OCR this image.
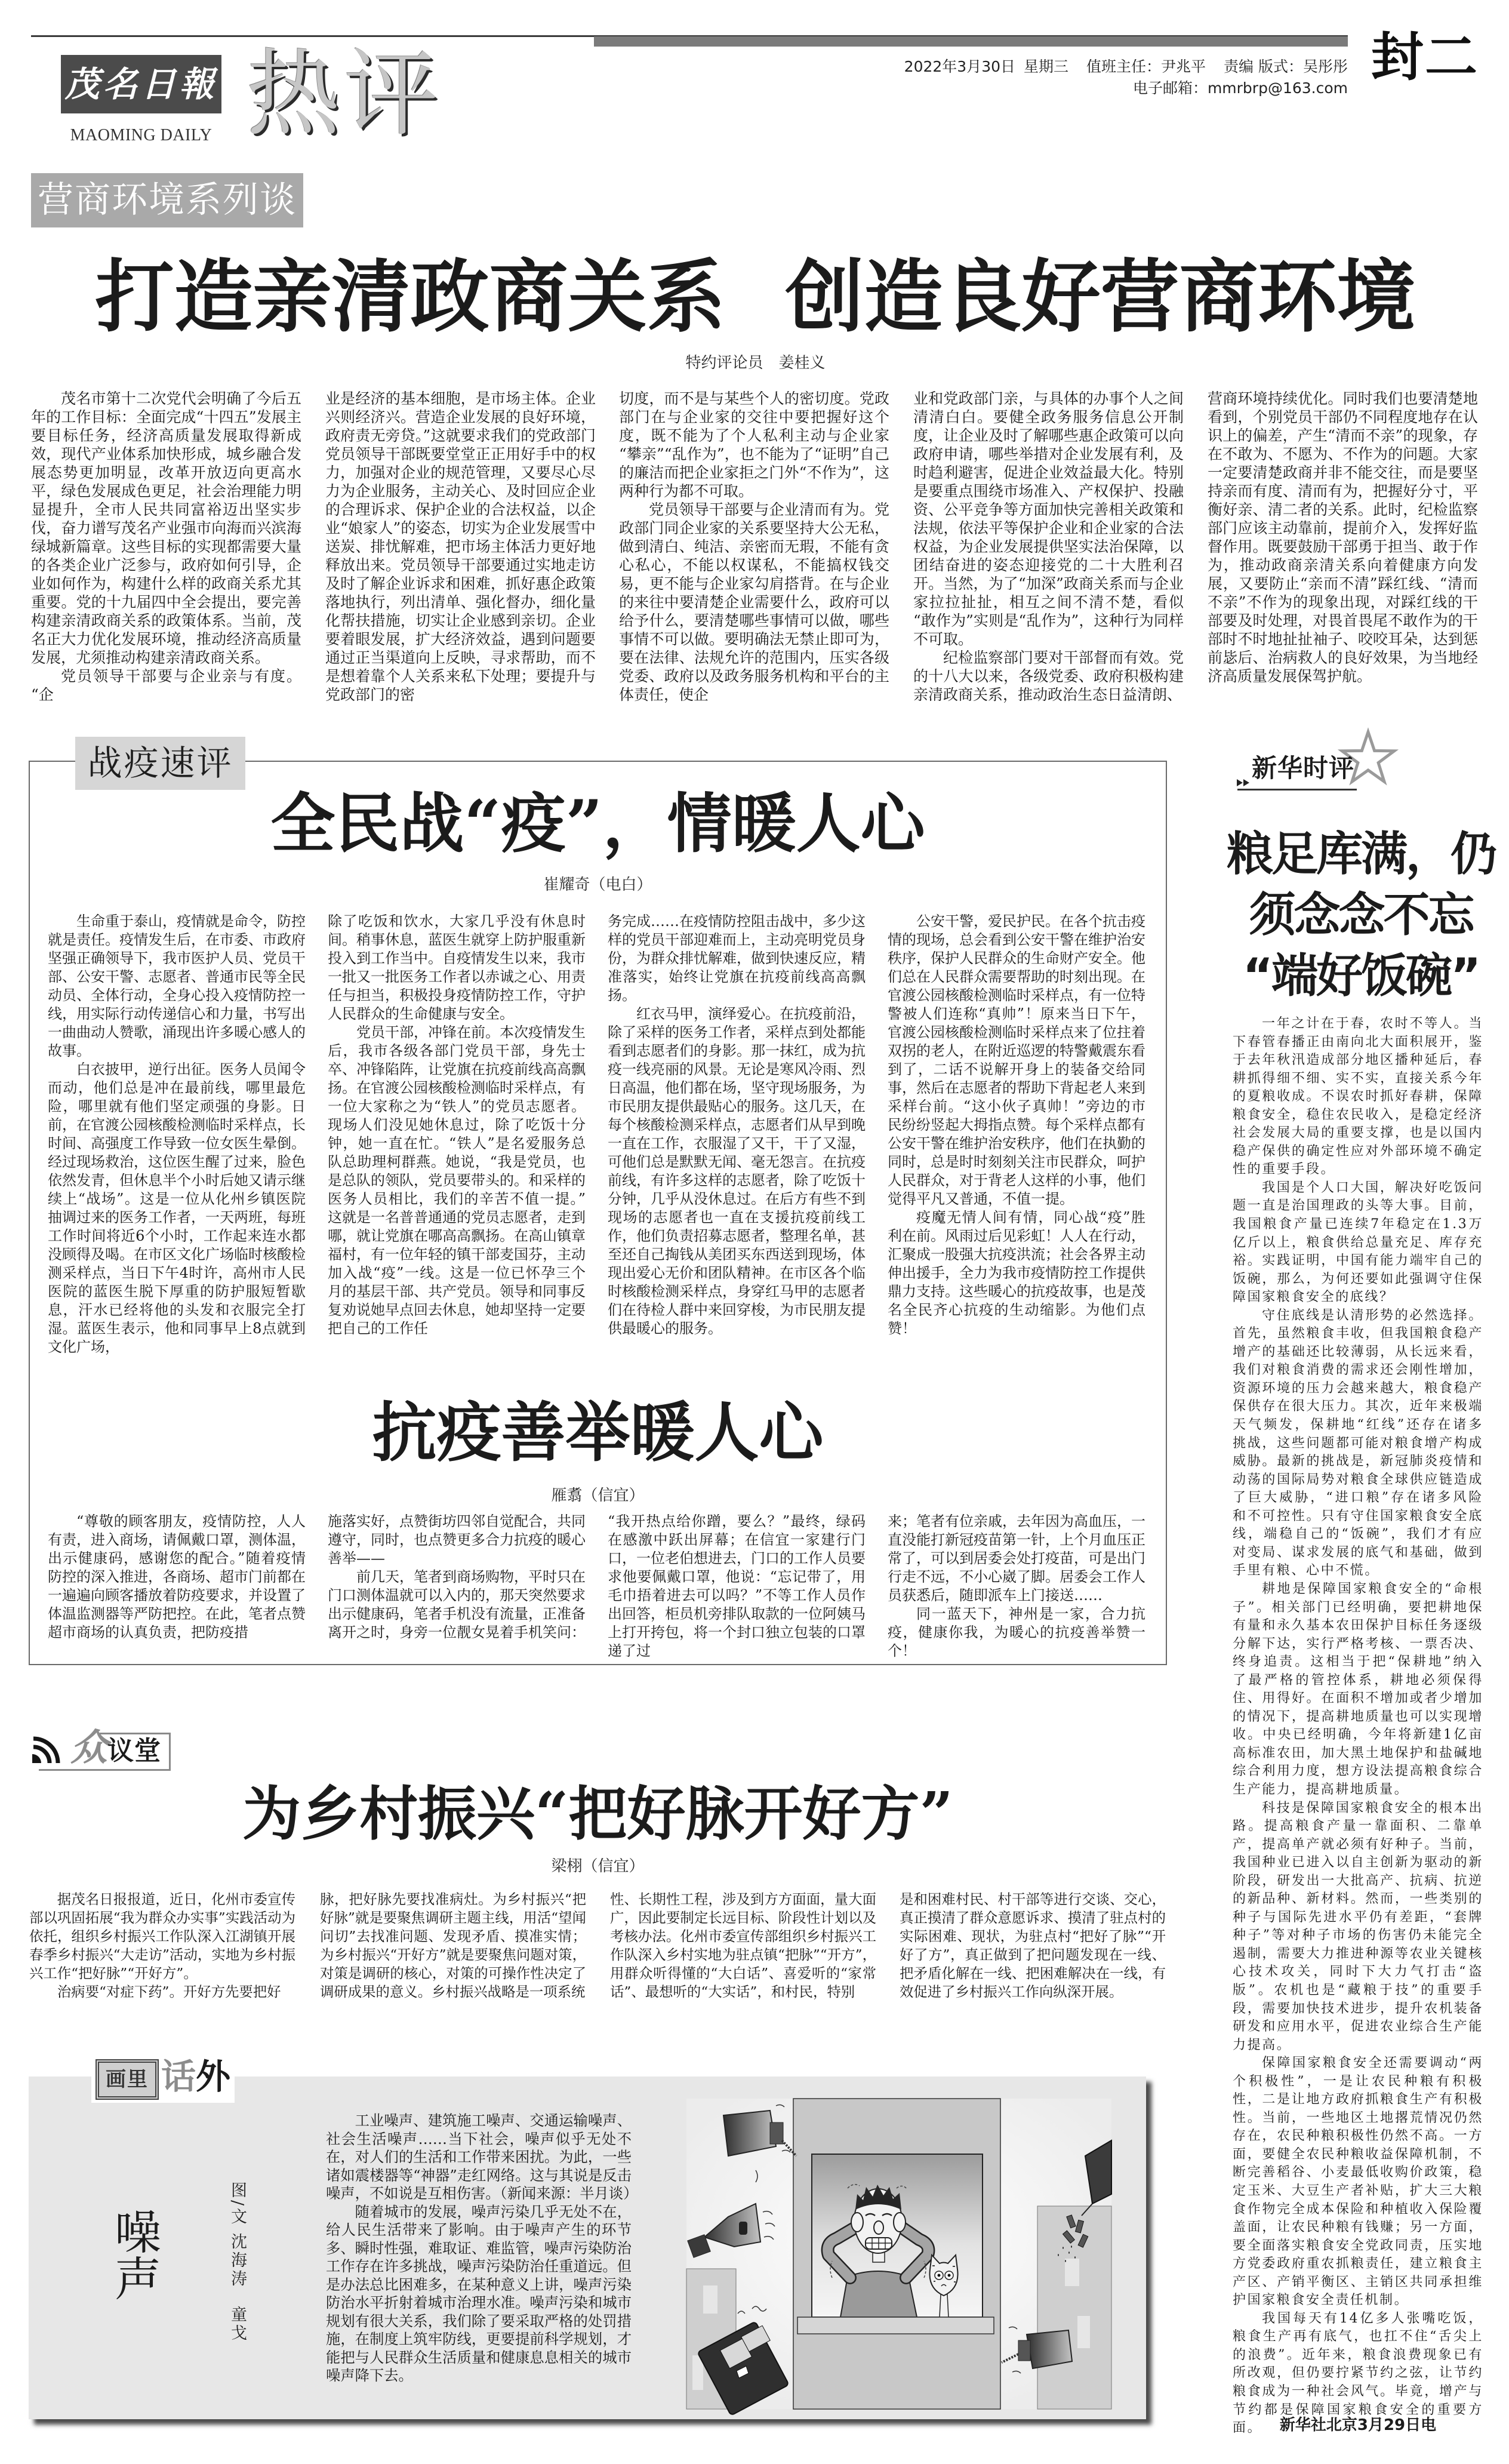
茂名日報
MAOMING DAILY 热评	封二
2022年3月30日 星期三 值班主任：尹兆平 责编 版式：吴彤彤
电子邮箱：mmrbrp@163.com
营商环境系列谈
打造亲清政商关系 创造良好营商环境
特约评论员　姜桂义

茂名市第十二次党代会明确了今后五年的工作目标：全面完成“十四五”发展主要目标任务，经济高质量发展取得新成效，现代产业体系加快形成，城乡融合发展态势更加明显，改革开放迈向更高水平，绿色发展成色更足，社会治理能力明显提升，全市人民共同富裕迈出坚实步伐，奋力谱写茂名产业强市向海而兴滨海绿城新篇章。这些目标的实现都需要大量的各类企业广泛参与，政府如何引导，企业如何作为，构建什么样的政商关系尤其重要。党的十九届四中全会提出，要完善构建亲清政商关系的政策体系。当前，茂名正大力优化发展环境，推动经济高质量发展，尤须推动构建亲清政商关系。

党员领导干部要与企业亲与有度。“企

业是经济的基本细胞，是市场主体。企业兴则经济兴。营造企业发展的良好环境，政府责无旁贷。”这就要求我们的党政部门党员领导干部既要堂堂正正用好手中的权力，加强对企业的规范管理，又要尽心尽力为企业服务，主动关心、及时回应企业的合理诉求、保护企业的合法权益，以企业“娘家人”的姿态，切实为企业发展雪中送炭、排忧解难，把市场主体活力更好地释放出来。党员领导干部要通过实地走访及时了解企业诉求和困难，抓好惠企政策落地执行，列出清单、强化督办，细化量化帮扶措施，切实让企业感到亲切。企业要着眼发展，扩大经济效益，遇到问题要通过正当渠道向上反映，寻求帮助，而不是想着靠个人关系来私下处理；要提升与党政部门的密

切度，而不是与某些个人的密切度。党政部门在与企业家的交往中要把握好这个度，既不能为了个人私利主动与企业家“攀亲”“乱作为”，也不能为了“证明”自己的廉洁而把企业家拒之门外“不作为”，这两种行为都不可取。

党员领导干部要与企业清而有为。党政部门同企业家的关系要坚持大公无私，做到清白、纯洁、亲密而无瑕，不能有贪心私心，不能以权谋私，不能搞权钱交易，更不能与企业家勾肩搭背。在与企业的来往中要清楚企业需要什么，政府可以给予什么，要清楚哪些事情可以做，哪些事情不可以做。要明确法无禁止即可为，要在法律、法规允许的范围内，压实各级党委、政府以及政务服务机构和平台的主体责任，使企

业和党政部门亲，与具体的办事个人之间清清白白。要健全政务服务信息公开制度，让企业及时了解哪些惠企政策可以向政府申请，哪些举措对企业发展有利，及时趋利避害，促进企业效益最大化。特别是要重点围绕市场准入、产权保护、投融资、公平竞争等方面加快完善相关政策和法规，依法平等保护企业和企业家的合法权益，为企业发展提供坚实法治保障，以团结奋进的姿态迎接党的二十大胜利召开。当然，为了“加深”政商关系而与企业家拉拉扯扯，相互之间不清不楚，看似“敢作为”实则是“乱作为”，这种行为同样不可取。

纪检监察部门要对干部督而有效。党的十八大以来，各级党委、政府积极构建亲清政商关系，推动政治生态日益清朗、

营商环境持续优化。同时我们也要清楚地看到，个别党员干部仍不同程度地存在认识上的偏差，产生“清而不亲”的现象，存在不敢为、不愿为、不作为的问题。大家一定要清楚政商并非不能交往，而是要坚持亲而有度、清而有为，把握好分寸，平衡好亲、清二者的关系。此时，纪检监察部门应该主动靠前，提前介入，发挥好监督作用。既要鼓励干部勇于担当、敢于作为，推动政商亲清关系向着健康方向发展，又要防止“亲而不清”踩红线、“清而不亲”不作为的现象出现，对踩红线的干部要及时处理，对畏首畏尾不敢作为的干部时不时地扯扯袖子、咬咬耳朵，达到惩前毖后、治病救人的良好效果，为当地经济高质量发展保驾护航。

战疫速评
全民战“疫”，情暖人心
崔耀奇（电白）

生命重于泰山，疫情就是命令，防控就是责任。疫情发生后，在市委、市政府坚强正确领导下，我市医护人员、党员干部、公安干警、志愿者、普通市民等全民动员、全体行动，全身心投入疫情防控一线，用实际行动传递信心和力量，书写出一曲曲动人赞歌，涌现出许多暖心感人的故事。

白衣披甲，逆行出征。医务人员闻令而动，他们总是冲在最前线，哪里最危险，哪里就有他们坚定顽强的身影。日前，在官渡公园核酸检测临时采样点，长时间、高强度工作导致一位女医生晕倒。经过现场救治，这位医生醒了过来，脸色依然发青，但休息半个小时后她又请示继续上“战场”。这是一位从化州乡镇医院抽调过来的医务工作者，一天两班，每班工作时间将近6个小时，工作起来连水都没顾得及喝。在市区文化广场临时核酸检测采样点，当日下午4时许，高州市人民医院的蓝医生脱下厚重的防护服短暂歇息，汗水已经将他的头发和衣服完全打湿。蓝医生表示，他和同事早上8点就到文化广场，

除了吃饭和饮水，大家几乎没有休息时间。稍事休息，蓝医生就穿上防护服重新投入到工作当中。自疫情发生以来，我市一批又一批医务工作者以赤诚之心、用责任与担当，积极投身疫情防控工作，守护人民群众的生命健康与安全。

党员干部，冲锋在前。本次疫情发生后，我市各级各部门党员干部，身先士卒、冲锋陷阵，让党旗在抗疫前线高高飘扬。在官渡公园核酸检测临时采样点，有一位大家称之为“铁人”的党员志愿者。现场人们没见她休息过，除了吃饭十分钟，她一直在忙。“铁人”是名爱服务总队总助理柯群燕。她说，“我是党员，也是总队的领队，党员要带头的。和采样的医务人员相比，我们的辛苦不值一提。”这就是一名普普通通的党员志愿者，走到哪，就让党旗在哪高高飘扬。在高山镇章福村，有一位年轻的镇干部麦国芬，主动加入战“疫”一线。这是一位已怀孕三个月的基层干部、共产党员。领导和同事反复劝说她早点回去休息，她却坚持一定要把自己的工作任

务完成……在疫情防控阻击战中，多少这样的党员干部迎难而上，主动亮明党员身份，为群众排忧解难，做到快速反应，精准落实，始终让党旗在抗疫前线高高飘扬。

红衣马甲，演绎爱心。在抗疫前沿，除了采样的医务工作者，采样点到处都能看到志愿者们的身影。那一抹红，成为抗疫一线亮丽的风景。无论是寒风冷雨、烈日高温，他们都在场，坚守现场服务，为市民朋友提供最贴心的服务。这几天，在每个核酸检测采样点，志愿者们从早到晚一直在工作，衣服湿了又干，干了又湿，可他们总是默默无闻、毫无怨言。在抗疫前线，有许多这样的志愿者，除了吃饭十分钟，几乎从没休息过。在后方有些不到现场的志愿者也一直在支援抗疫前线工作，他们负责招募志愿者，整理名单，甚至还自己掏钱从美团买东西送到现场，体现出爱心无价和团队精神。在市区各个临时核酸检测采样点，身穿红马甲的志愿者们在待检人群中来回穿梭，为市民朋友提供最暖心的服务。

公安干警，爱民护民。在各个抗击疫情的现场，总会看到公安干警在维护治安秩序，保护人民群众的生命财产安全。他们总在人民群众需要帮助的时刻出现。在官渡公园核酸检测临时采样点，有一位特警被人们连称“真帅”！原来当日下午，官渡公园核酸检测临时采样点来了位拄着双拐的老人，在附近巡逻的特警戴震东看到了，二话不说解开身上的装备交给同事，然后在志愿者的帮助下背起老人来到采样台前。“这小伙子真帅！”旁边的市民纷纷竖起大拇指点赞。每个采样点都有公安干警在维护治安秩序，他们在执勤的同时，总是时时刻刻关注市民群众，呵护人民群众，对于背老人这样的小事，他们觉得平凡又普通，不值一提。

疫魔无情人间有情，同心战“疫”胜利在前。风雨过后见彩虹！人人在行动，汇聚成一股强大抗疫洪流；社会各界主动伸出援手，全力为我市疫情防控工作提供鼎力支持。这些暖心的抗疫故事，也是茂名全民齐心抗疫的生动缩影。为他们点赞！

抗疫善举暖人心
雁翥（信宜）

“尊敬的顾客朋友，疫情防控，人人有责，进入商场，请佩戴口罩，测体温，出示健康码，感谢您的配合。”随着疫情防控的深入推进，各商场、超市门前都在一遍遍向顾客播放着防疫要求，并设置了体温监测器等严防把控。在此，笔者点赞超市商场的认真负责，把防疫措

施落实好，点赞街坊四邻自觉配合，共同遵守，同时，也点赞更多合力抗疫的暖心善举——

前几天，笔者到商场购物，平时只在门口测体温就可以入内的，那天突然要求出示健康码，笔者手机没有流量，正准备离开之时，身旁一位靓女晃着手机笑问：

“我开热点给你蹭，要么？”最终，绿码在感激中跃出屏幕；在信宜一家建行门口，一位老伯想进去，门口的工作人员要求他要佩戴口罩，他说：“忘记带了，用毛巾捂着进去可以吗？”不等工作人员作出回答，柜员机旁排队取款的一位阿姨马上打开挎包，将一个封口独立包装的口罩递了过

来；笔者有位亲戚，去年因为高血压，一直没能打新冠疫苗第一针，上个月血压正常了，可以到居委会处打疫苗，可是出门行走不远，不小心崴了脚。居委会工作人员获悉后，随即派车上门接送……

同一蓝天下，神州是一家，合力抗疫，健康你我，为暖心的抗疫善举赞一个！

众 议堂
为乡村振兴“把好脉开好方”
梁栩（信宜）

据茂名日报报道，近日，化州市委宣传部以巩固拓展“我为群众办实事”实践活动为依托，组织乡村振兴工作队深入江湖镇开展春季乡村振兴“大走访”活动，实地为乡村振兴工作“把好脉”“开好方”。

治病要“对症下药”。开好方先要把好

脉，把好脉先要找准病灶。为乡村振兴“把好脉”就是要聚焦调研主题主线，用活“望闻问切”去找准问题、发现矛盾、摸准实情；为乡村振兴“开好方”就是要聚焦问题对策，对策是调研的核心，对策的可操作性决定了调研成果的意义。乡村振兴战略是一项系统

性、长期性工程，涉及到方方面面，量大面广，因此要制定长远目标、阶段性计划以及考核办法。化州市委宣传部组织乡村振兴工作队深入乡村实地为驻点镇“把脉”“开方”，用群众听得懂的“大白话”、喜爱听的“家常话”、最想听的“大实话”，和村民，特别

是和困难村民、村干部等进行交谈、交心，真正摸清了群众意愿诉求、摸清了驻点村的实际困难、现状，为驻点村“把好了脉”“开好了方”，真正做到了把问题发现在一线、把矛盾化解在一线、把困难解决在一线，有效促进了乡村振兴工作向纵深开展。

画里 话外
噪声
图/文
沈海涛
童戈

工业噪声、建筑施工噪声、交通运输噪声、社会生活噪声……当下社会，噪声似乎无处不在，对人们的生活和工作带来困扰。为此，一些诸如震楼器等“神器”走红网络。这与其说是反击噪声，不如说是互相伤害。（新闻来源：半月谈）

随着城市的发展，噪声污染几乎无处不在，给人民生活带来了影响。由于噪声产生的环节多、瞬时性强，难取证、难监管，噪声污染防治工作存在许多挑战，噪声污染防治任重道远。但是办法总比困难多，在某种意义上讲，噪声污染防治水平折射着城市治理水准。噪声污染和城市规划有很大关系，我们除了要采取严格的处罚措施，在制度上筑牢防线，更要提前科学规划，才能把与人民群众生活质量和健康息息相关的城市噪声降下去。

新华时评
粮足库满，仍
须念念不忘
“端好饭碗”

一年之计在于春，农时不等人。当下春管春播正由南向北大面积展开，鉴于去年秋汛造成部分地区播种延后，春耕抓得细不细、实不实，直接关系今年的夏粮收成。不误农时抓好春耕，保障粮食安全，稳住农民收入，是稳定经济社会发展大局的重要支撑，也是以国内稳产保供的确定性应对外部环境不确定性的重要手段。

我国是个人口大国，解决好吃饭问题一直是治国理政的头等大事。目前，我国粮食产量已连续7年稳定在1.3万亿斤以上，粮食供给总量充足、库存充裕。实践证明，中国有能力端牢自己的饭碗，那么，为何还要如此强调守住保障国家粮食安全的底线？

守住底线是认清形势的必然选择。首先，虽然粮食丰收，但我国粮食稳产增产的基础还比较薄弱，从长远来看，我们对粮食消费的需求还会刚性增加，资源环境的压力会越来越大，粮食稳产保供存在很大压力。其次，近年来极端天气频发，保耕地“红线”还存在诸多挑战，这些问题都可能对粮食增产构成威胁。最新的挑战是，新冠肺炎疫情和动荡的国际局势对粮食全球供应链造成了巨大威胁，“进口粮”存在诸多风险和不可控性。只有守住国家粮食安全底线，端稳自己的“饭碗”，我们才有应对变局、谋求发展的底气和基础，做到手里有粮、心中不慌。

耕地是保障国家粮食安全的“命根子”。相关部门已经明确，要把耕地保有量和永久基本农田保护目标任务逐级分解下达，实行严格考核、一票否决、终身追责。这相当于把“保耕地”纳入了最严格的管控体系，耕地必须保得住、用得好。在面积不增加或者少增加的情况下，提高耕地质量也可以实现增收。中央已经明确，今年将新建1亿亩高标准农田，加大黑土地保护和盐碱地综合利用力度，想方设法提高粮食综合生产能力，提高耕地质量。

科技是保障国家粮食安全的根本出路。提高粮食产量一靠面积、二靠单产，提高单产就必须有好种子。当前，我国种业已进入以自主创新为驱动的新阶段，研发出一大批高产、抗病、抗逆的新品种、新材料。然而，一些类别的种子与国际先进水平仍有差距，“套牌种子”等对种子市场的伤害仍未能完全遏制，需要大力推进种源等农业关键核心技术攻关，同时下大力气打击“盗版”。农机也是“藏粮于技”的重要手段，需要加快技术进步，提升农机装备研发和应用水平，促进农业综合生产能力提高。

保障国家粮食安全还需要调动“两个积极性”，一是让农民种粮有积极性，二是让地方政府抓粮食生产有积极性。当前，一些地区土地撂荒情况仍然存在，农民种粮积极性仍然不高。一方面，要健全农民种粮收益保障机制，不断完善稻谷、小麦最低收购价政策，稳定玉米、大豆生产者补贴，扩大三大粮食作物完全成本保险和种植收入保险覆盖面，让农民种粮有钱赚；另一方面，要全面落实粮食安全党政同责，压实地方党委政府重农抓粮责任，建立粮食主产区、产销平衡区、主销区共同承担维护国家粮食安全责任机制。

我国每天有14亿多人张嘴吃饭，粮食生产再有底气，也扛不住“舌尖上的浪费”。近年来，粮食浪费现象已有所改观，但仍要拧紧节约之弦，让节约粮食成为一种社会风气。毕竟，增产与节约都是保障国家粮食安全的重要方面。	新华社北京3月29日电
